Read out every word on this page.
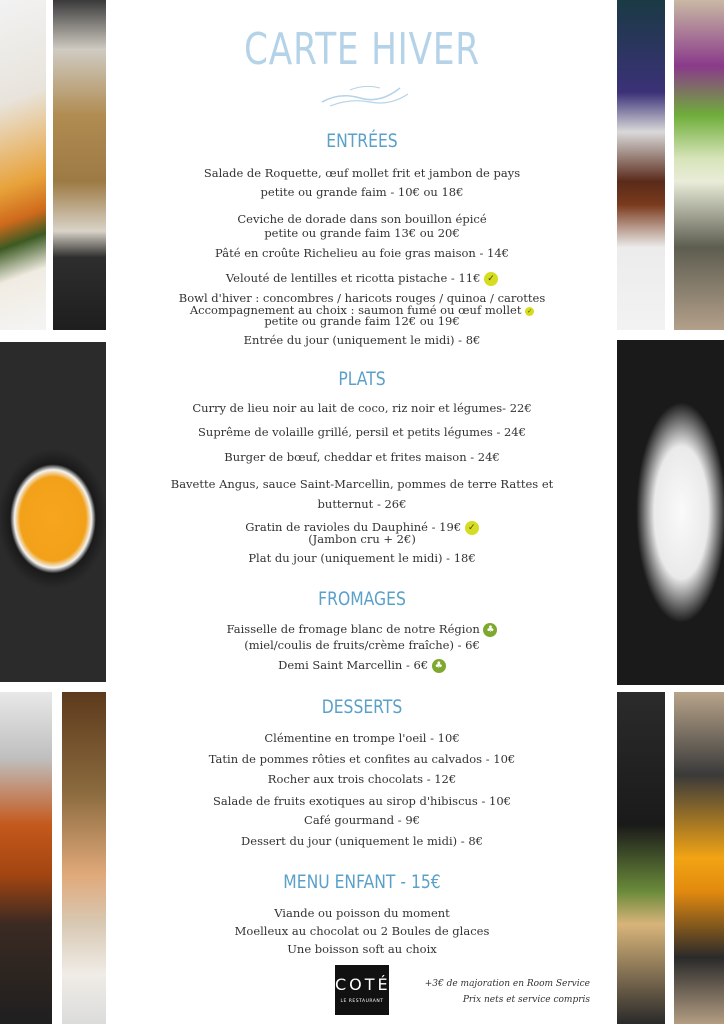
CARTE HIVER
ENTRÉES
Salade de Roquette, œuf mollet frit et jambon de pays
petite ou grande faim - 10€ ou 18€
Ceviche de dorade dans son bouillon épicé
petite ou grande faim 13€ ou 20€
Pâté en croûte Richelieu au foie gras maison - 14€
Velouté de lentilles et ricotta pistache - 11€ ✓
Bowl d'hiver : concombres / haricots rouges / quinoa / carottes
Accompagnement au choix : saumon fumé ou œuf mollet ✓
petite ou grande faim 12€ ou 19€
Entrée du jour (uniquement le midi) - 8€
PLATS
Curry de lieu noir au lait de coco, riz noir et légumes- 22€
Suprême de volaille grillé, persil et petits légumes - 24€
Burger de bœuf, cheddar et frites maison - 24€
Bavette Angus, sauce Saint-Marcellin, pommes de terre Rattes et
butternut - 26€
Gratin de ravioles du Dauphiné - 19€ ✓
(Jambon cru + 2€)
Plat du jour (uniquement le midi) - 18€
FROMAGES
Faisselle de fromage blanc de notre Région ♣
(miel/coulis de fruits/crème fraîche) - 6€
Demi Saint Marcellin - 6€ ♣
DESSERTS
Clémentine en trompe l'oeil - 10€
Tatin de pommes rôties et confites au calvados - 10€
Rocher aux trois chocolats - 12€
Salade de fruits exotiques au sirop d'hibiscus - 10€
Café gourmand - 9€
Dessert du jour (uniquement le midi) - 8€
MENU ENFANT - 15€
Viande ou poisson du moment
Moelleux au chocolat ou 2 Boules de glaces
Une boisson soft au choix
COTÉ
LE RESTAURANT
+3€ de majoration en Room Service
Prix nets et service compris
